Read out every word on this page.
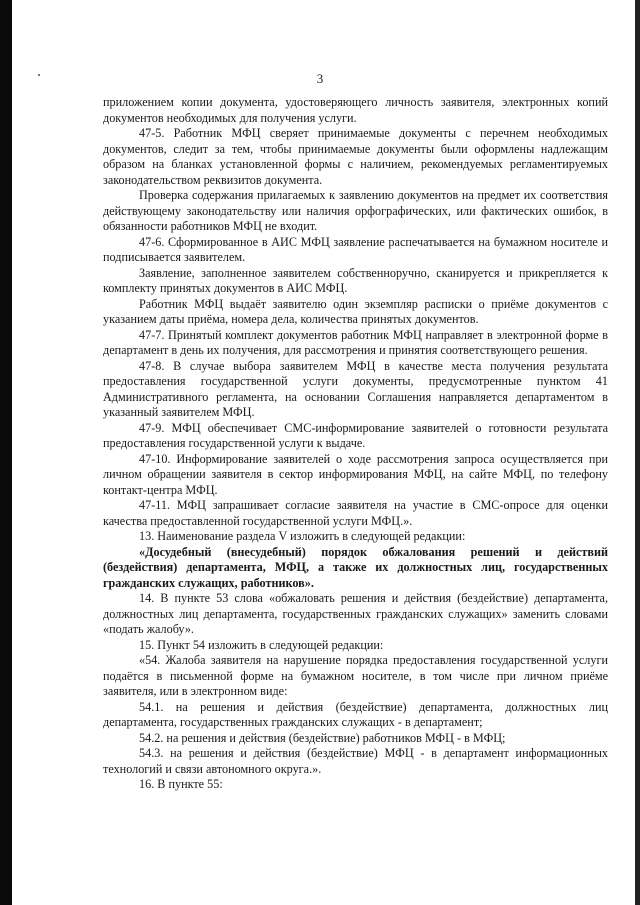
3

приложением копии документа, удостоверяющего личность заявителя, электронных копий документов необходимых для получения услуги.

47-5. Работник МФЦ сверяет принимаемые документы с перечнем необходимых документов, следит за тем, чтобы принимаемые документы были оформлены надлежащим образом на бланках установленной формы с наличием, рекомендуемых регламентируемых законодательством реквизитов документа.

Проверка содержания прилагаемых к заявлению документов на предмет их соответствия действующему законодательству или наличия орфографических, или фактических ошибок, в обязанности работников МФЦ не входит.

47-6. Сформированное в АИС МФЦ заявление распечатывается на бумажном носителе и подписывается заявителем.

Заявление, заполненное заявителем собственноручно, сканируется и прикрепляется к комплекту принятых документов в АИС МФЦ.

Работник МФЦ выдаёт заявителю один экземпляр расписки о приёме документов с указанием даты приёма, номера дела, количества принятых документов.

47-7. Принятый комплект документов работник МФЦ направляет в электронной форме в департамент в день их получения, для рассмотрения и принятия соответствующего решения.

47-8. В случае выбора заявителем МФЦ в качестве места получения результата предоставления государственной услуги документы, предусмотренные пунктом 41 Административного регламента, на основании Соглашения направляется департаментом в указанный заявителем МФЦ.

47-9. МФЦ обеспечивает СМС-информирование заявителей о готовности результата предоставления государственной услуги к выдаче.

47-10. Информирование заявителей о ходе рассмотрения запроса осуществляется при личном обращении заявителя в сектор информирования МФЦ, на сайте МФЦ, по телефону контакт-центра МФЦ.

47-11. МФЦ запрашивает согласие заявителя на участие в СМС-опросе для оценки качества предоставленной государственной услуги МФЦ.».

13. Наименование раздела V изложить в следующей редакции:

«Досудебный (внесудебный) порядок обжалования решений и действий (бездействия) департамента, МФЦ, а также их должностных лиц, государственных гражданских служащих, работников».

14. В пункте 53 слова «обжаловать решения и действия (бездействие) департамента, должностных лиц департамента, государственных гражданских служащих» заменить словами «подать жалобу».

15. Пункт 54 изложить в следующей редакции:

«54. Жалоба заявителя на нарушение порядка предоставления государственной услуги подаётся в письменной форме на бумажном носителе, в том числе при личном приёме заявителя, или в электронном виде:

54.1. на решения и действия (бездействие) департамента, должностных лиц департамента, государственных гражданских служащих - в департамент;

54.2. на решения и действия (бездействие) работников МФЦ - в МФЦ;

54.3. на решения и действия (бездействие) МФЦ - в департамент информационных технологий и связи автономного округа.».

16. В пункте 55:
